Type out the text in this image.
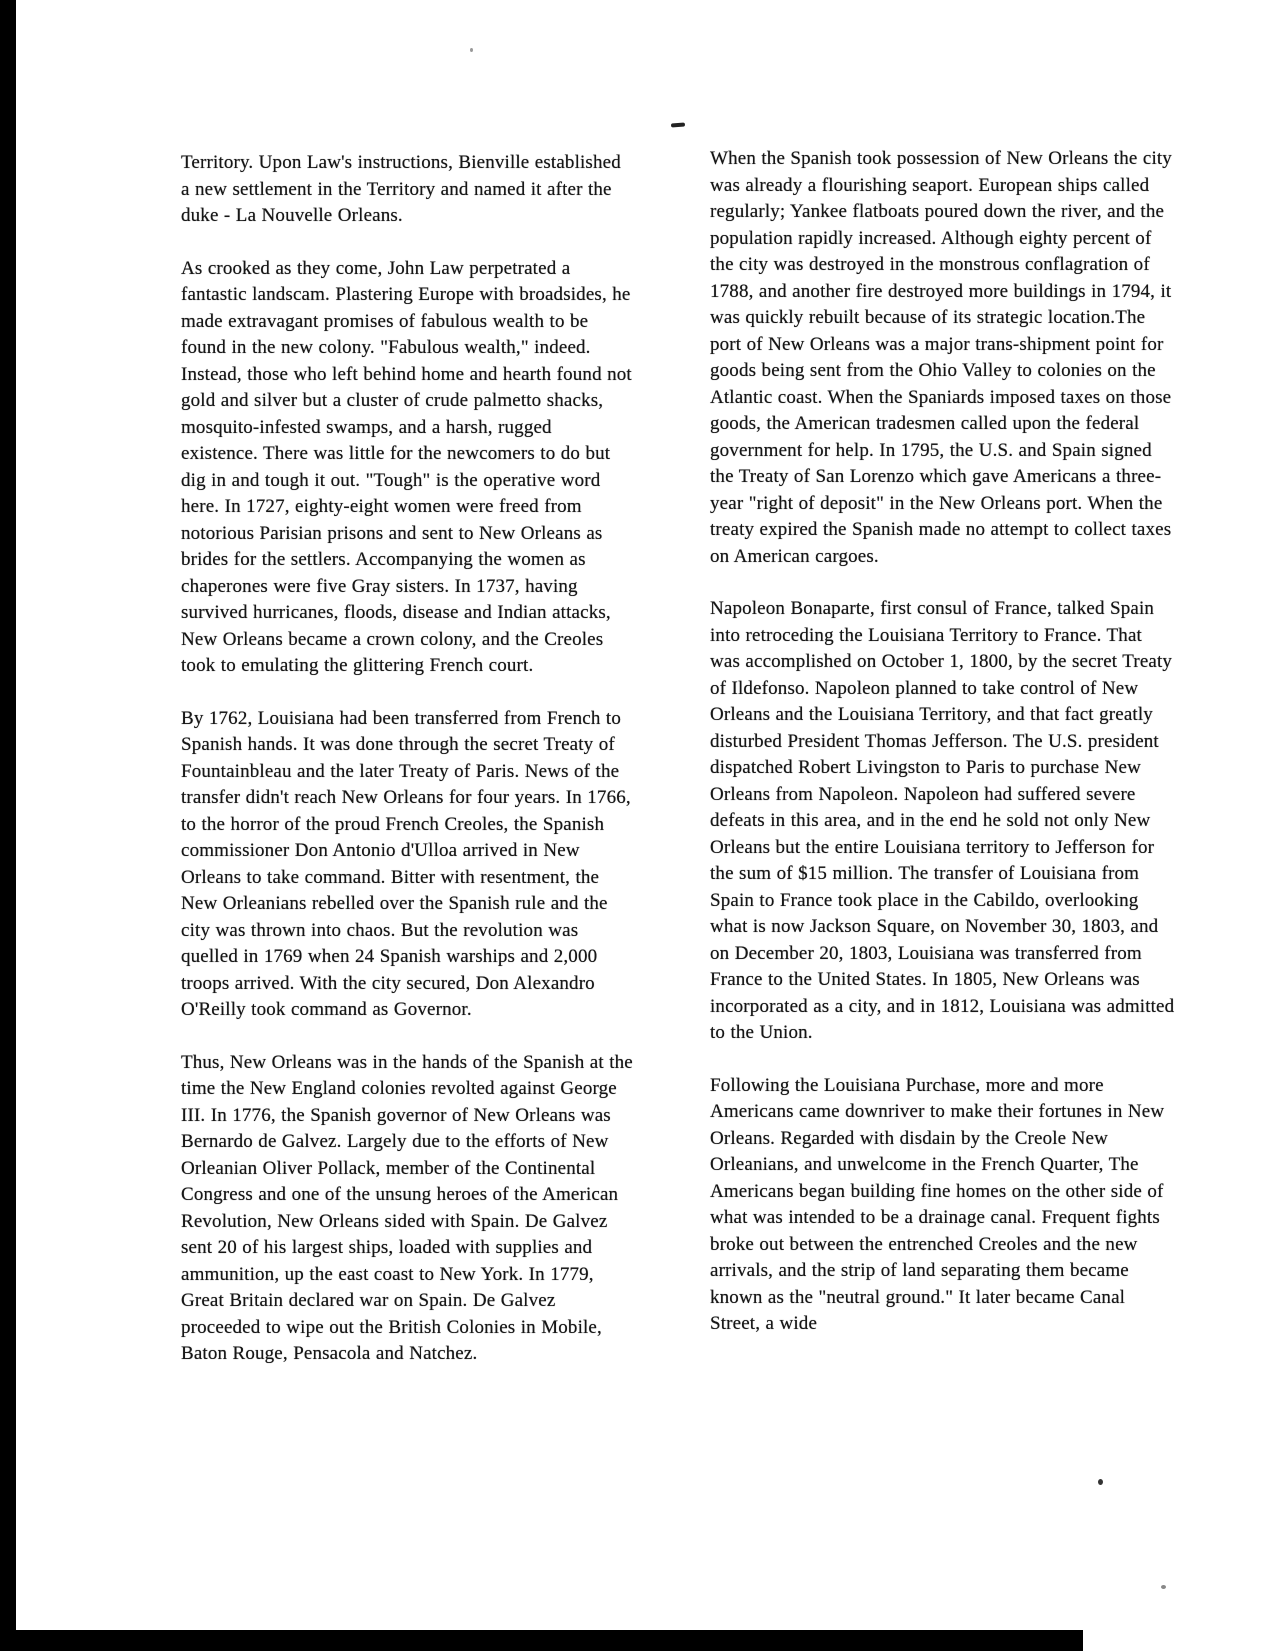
Territory. Upon Law's instructions, Bienville established a new settlement in the Territory and named it after the duke - La Nouvelle Orleans.

As crooked as they come, John Law perpetrated a fantastic landscam. Plastering Europe with broadsides, he made extravagant promises of fabulous wealth to be found in the new colony. "Fabulous wealth," indeed. Instead, those who left behind home and hearth found not gold and silver but a cluster of crude palmetto shacks, mosquito-infested swamps, and a harsh, rugged existence. There was little for the newcomers to do but dig in and tough it out. "Tough" is the operative word here. In 1727, eighty-eight women were freed from notorious Parisian prisons and sent to New Orleans as brides for the settlers. Accompanying the women as chaperones were five Gray sisters. In 1737, having survived hurricanes, floods, disease and Indian attacks, New Orleans became a crown colony, and the Creoles took to emulating the glittering French court.

By 1762, Louisiana had been transferred from French to Spanish hands. It was done through the secret Treaty of Fountainbleau and the later Treaty of Paris. News of the transfer didn't reach New Orleans for four years. In 1766, to the horror of the proud French Creoles, the Spanish commissioner Don Antonio d'Ulloa arrived in New Orleans to take command. Bitter with resentment, the New Orleanians rebelled over the Spanish rule and the city was thrown into chaos. But the revolution was quelled in 1769 when 24 Spanish warships and 2,000 troops arrived. With the city secured, Don Alexandro O'Reilly took command as Governor.

Thus, New Orleans was in the hands of the Spanish at the time the New England colonies revolted against George III. In 1776, the Spanish governor of New Orleans was Bernardo de Galvez. Largely due to the efforts of New Orleanian Oliver Pollack, member of the Continental Congress and one of the unsung heroes of the American Revolution, New Orleans sided with Spain. De Galvez sent 20 of his largest ships, loaded with supplies and ammunition, up the east coast to New York. In 1779, Great Britain declared war on Spain. De Galvez proceeded to wipe out the British Colonies in Mobile, Baton Rouge, Pensacola and Natchez.

When the Spanish took possession of New Orleans the city was already a flourishing seaport. European ships called regularly; Yankee flatboats poured down the river, and the population rapidly increased. Although eighty percent of the city was destroyed in the monstrous conflagration of 1788, and another fire destroyed more buildings in 1794, it was quickly rebuilt because of its strategic location.The port of New Orleans was a major trans-shipment point for goods being sent from the Ohio Valley to colonies on the Atlantic coast. When the Spaniards imposed taxes on those goods, the American tradesmen called upon the federal government for help. In 1795, the U.S. and Spain signed the Treaty of San Lorenzo which gave Americans a three-year "right of deposit" in the New Orleans port. When the treaty expired the Spanish made no attempt to collect taxes on American cargoes.

Napoleon Bonaparte, first consul of France, talked Spain into retroceding the Louisiana Territory to France. That was accomplished on October 1, 1800, by the secret Treaty of Ildefonso. Napoleon planned to take control of New Orleans and the Louisiana Territory, and that fact greatly disturbed President Thomas Jefferson. The U.S. president dispatched Robert Livingston to Paris to purchase New Orleans from Napoleon. Napoleon had suffered severe defeats in this area, and in the end he sold not only New Orleans but the entire Louisiana territory to Jefferson for the sum of $15 million. The transfer of Louisiana from Spain to France took place in the Cabildo, overlooking what is now Jackson Square, on November 30, 1803, and on December 20, 1803, Louisiana was transferred from France to the United States. In 1805, New Orleans was incorporated as a city, and in 1812, Louisiana was admitted to the Union.

Following the Louisiana Purchase, more and more Americans came downriver to make their fortunes in New Orleans. Regarded with disdain by the Creole New Orleanians, and unwelcome in the French Quarter, The Americans began building fine homes on the other side of what was intended to be a drainage canal. Frequent fights broke out between the entrenched Creoles and the new arrivals, and the strip of land separating them became known as the "neutral ground." It later became Canal Street, a wide
